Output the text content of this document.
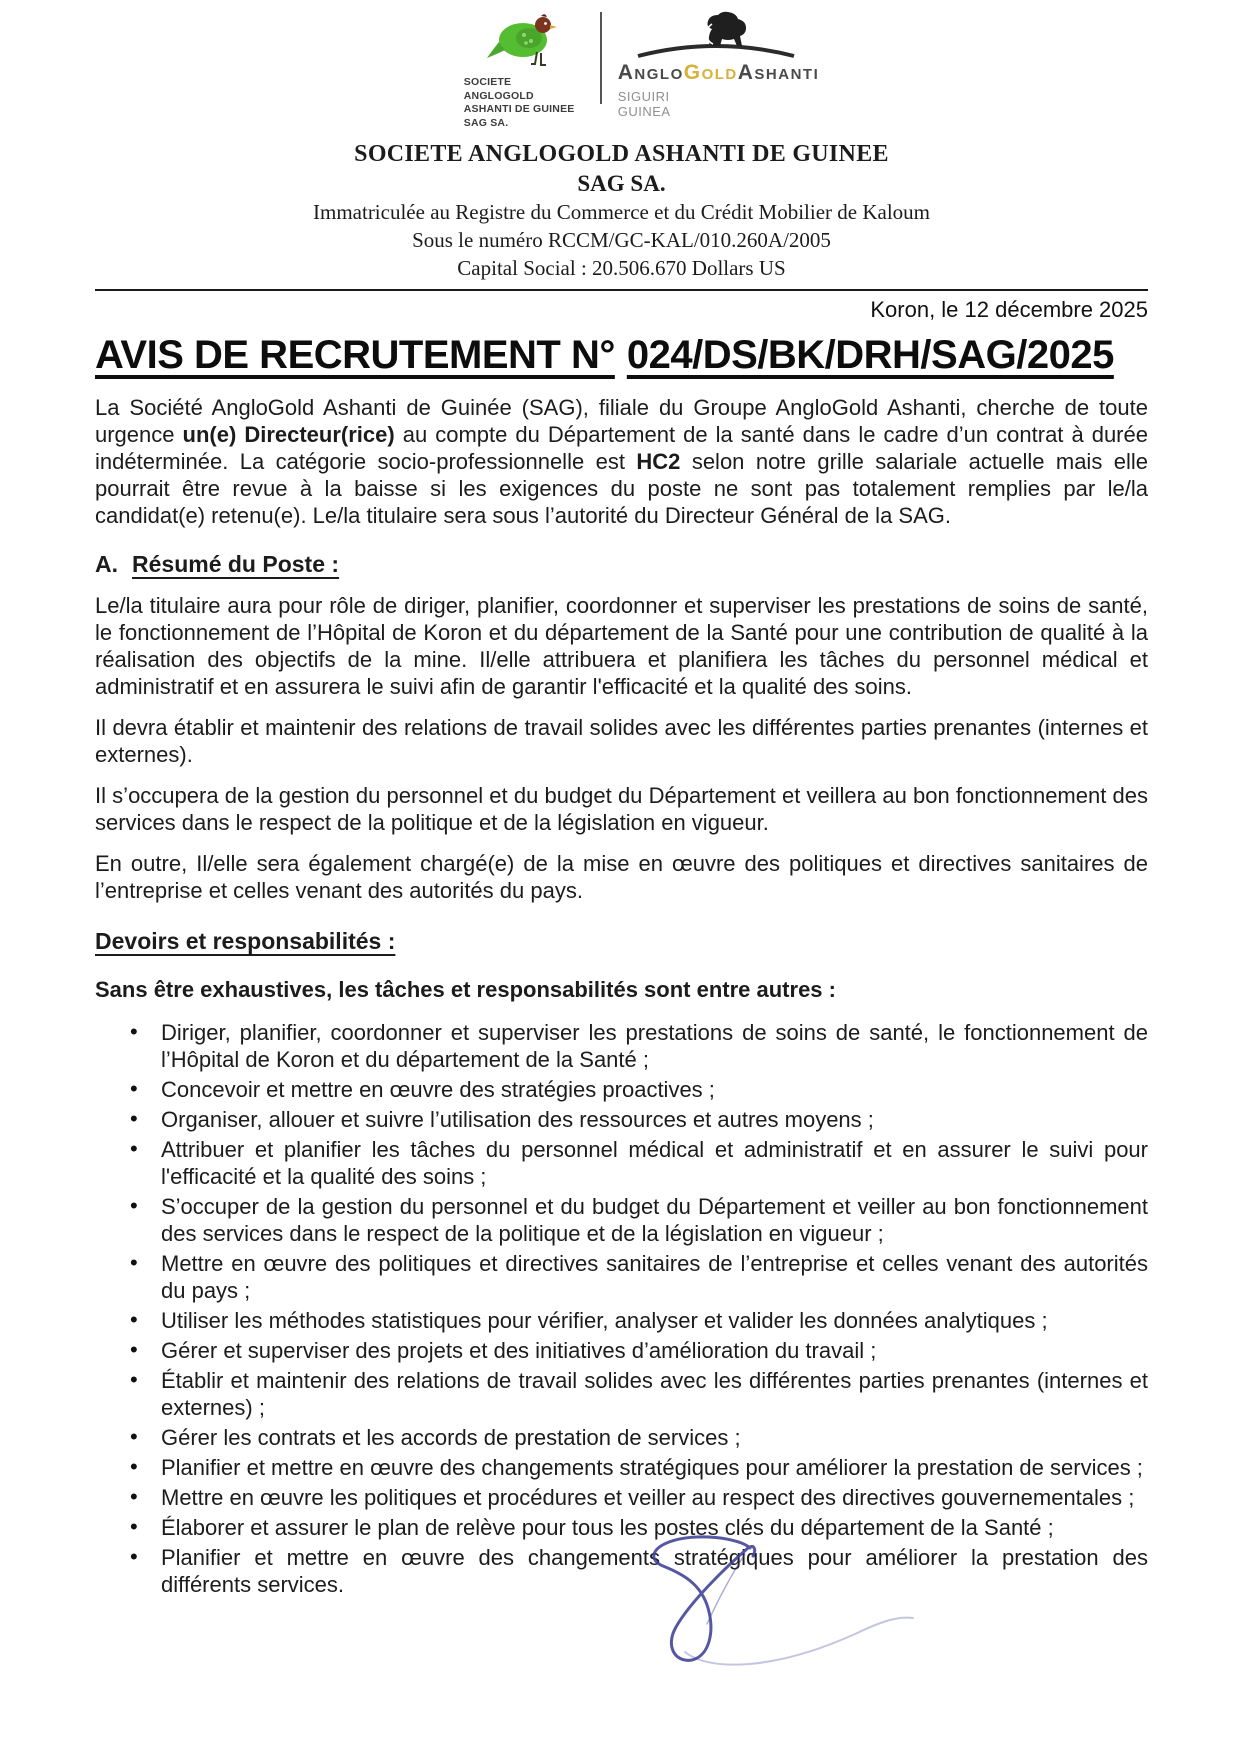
SOCIETE ANGLOGOLD
ASHANTI DE GUINEE
SAG SA.
AngloGoldAshanti
SIGUIRI
GUINEA
SOCIETE ANGLOGOLD ASHANTI DE GUINEE
SAG SA.
Immatriculée au Registre du Commerce et du Crédit Mobilier de Kaloum
Sous le numéro RCCM/GC-KAL/010.260A/2005
Capital Social : 20.506.670 Dollars US
Koron, le 12 décembre 2025
AVIS DE RECRUTEMENT N° 024/DS/BK/DRH/SAG/2025

La Société AngloGold Ashanti de Guinée (SAG), filiale du Groupe AngloGold Ashanti, cherche de toute urgence un(e) Directeur(rice) au compte du Département de la santé dans le cadre d’un contrat à durée indéterminée. La catégorie socio-professionnelle est HC2 selon notre grille salariale actuelle mais elle pourrait être revue à la baisse si les exigences du poste ne sont pas totalement remplies par le/la candidat(e) retenu(e). Le/la titulaire sera sous l’autorité du Directeur Général de la SAG.

A. Résumé du Poste :

Le/la titulaire aura pour rôle de diriger, planifier, coordonner et superviser les prestations de soins de santé, le fonctionnement de l’Hôpital de Koron et du département de la Santé pour une contribution de qualité à la réalisation des objectifs de la mine. Il/elle attribuera et planifiera les tâches du personnel médical et administratif et en assurera le suivi afin de garantir l'efficacité et la qualité des soins.

Il devra établir et maintenir des relations de travail solides avec les différentes parties prenantes (internes et externes).

Il s’occupera de la gestion du personnel et du budget du Département et veillera au bon fonctionnement des services dans le respect de la politique et de la législation en vigueur.

En outre, Il/elle sera également chargé(e) de la mise en œuvre des politiques et directives sanitaires de l’entreprise et celles venant des autorités du pays.

Devoirs et responsabilités :
Sans être exhaustives, les tâches et responsabilités sont entre autres :
• Diriger, planifier, coordonner et superviser les prestations de soins de santé, le fonctionnement de l’Hôpital de Koron et du département de la Santé ;
• Concevoir et mettre en œuvre des stratégies proactives ;
• Organiser, allouer et suivre l’utilisation des ressources et autres moyens ;
• Attribuer et planifier les tâches du personnel médical et administratif et en assurer le suivi pour l'efficacité et la qualité des soins ;
• S’occuper de la gestion du personnel et du budget du Département et veiller au bon fonctionnement des services dans le respect de la politique et de la législation en vigueur ;
• Mettre en œuvre des politiques et directives sanitaires de l’entreprise et celles venant des autorités du pays ;
• Utiliser les méthodes statistiques pour vérifier, analyser et valider les données analytiques ;
• Gérer et superviser des projets et des initiatives d’amélioration du travail ;
• Établir et maintenir des relations de travail solides avec les différentes parties prenantes (internes et externes) ;
• Gérer les contrats et les accords de prestation de services ;
• Planifier et mettre en œuvre des changements stratégiques pour améliorer la prestation de services ;
• Mettre en œuvre les politiques et procédures et veiller au respect des directives gouvernementales ;
• Élaborer et assurer le plan de relève pour tous les postes clés du département de la Santé ;
• Planifier et mettre en œuvre des changements stratégiques pour améliorer la prestation des différents services.
